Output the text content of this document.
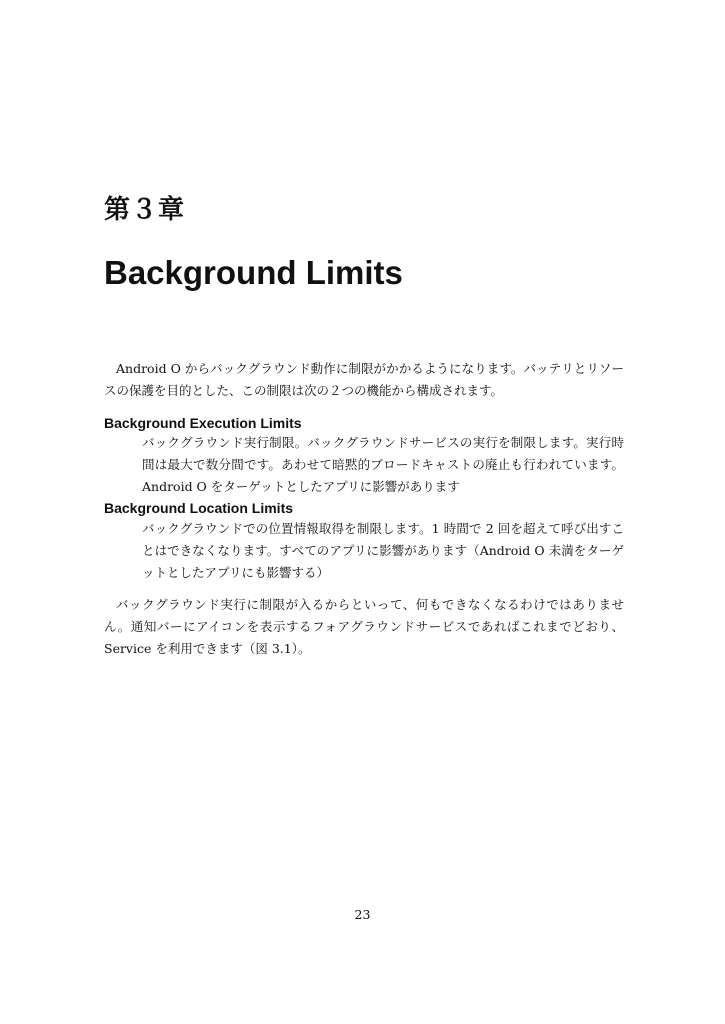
第３章
Background Limits

Android O からバックグラウンド動作に制限がかかるようになります。バッテリとリソースの保護を目的とした、この制限は次の２つの機能から構成されます。

Background Execution Limits

バックグラウンド実行制限。バックグラウンドサービスの実行を制限します。実行時間は最大で数分間です。あわせて暗黙的ブロードキャストの廃止も行われています。Android O をターゲットとしたアプリに影響があります

Background Location Limits

バックグラウンドでの位置情報取得を制限します。1 時間で 2 回を超えて呼び出すことはできなくなります。すべてのアプリに影響があります（Android O 未満をターゲットとしたアプリにも影響する）

バックグラウンド実行に制限が入るからといって、何もできなくなるわけではありません。通知バーにアイコンを表示するフォアグラウンドサービスであればこれまでどおり、Service を利用できます（図 3.1）。

23
